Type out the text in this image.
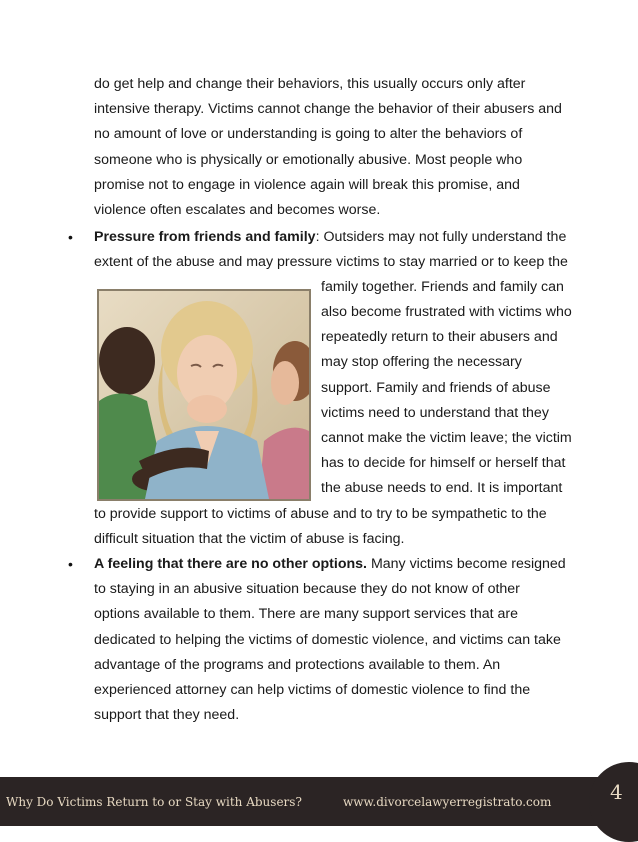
do get help and change their behaviors, this usually occurs only after
intensive therapy. Victims cannot change the behavior of their abusers and
no amount of love or understanding is going to alter the behaviors of
someone who is physically or emotionally abusive. Most people who
promise not to engage in violence again will break this promise, and
violence often escalates and becomes worse.
• Pressure from friends and family: Outsiders may not fully understand the
extent of the abuse and may pressure victims to stay married or to keep the
family together. Friends and family can
also become frustrated with victims who
repeatedly return to their abusers and
may stop offering the necessary
support. Family and friends of abuse
victims need to understand that they
cannot make the victim leave; the victim
has to decide for himself or herself that
the abuse needs to end. It is important
to provide support to victims of abuse and to try to be sympathetic to the
difficult situation that the victim of abuse is facing.
• A feeling that there are no other options. Many victims become resigned
to staying in an abusive situation because they do not know of other
options available to them. There are many support services that are
dedicated to helping the victims of domestic violence, and victims can take
advantage of the programs and protections available to them. An
experienced attorney can help victims of domestic violence to find the
support that they need.
Why Do Victims Return to or Stay with Abusers?	www.divorcelawyerregistrato.com	4
